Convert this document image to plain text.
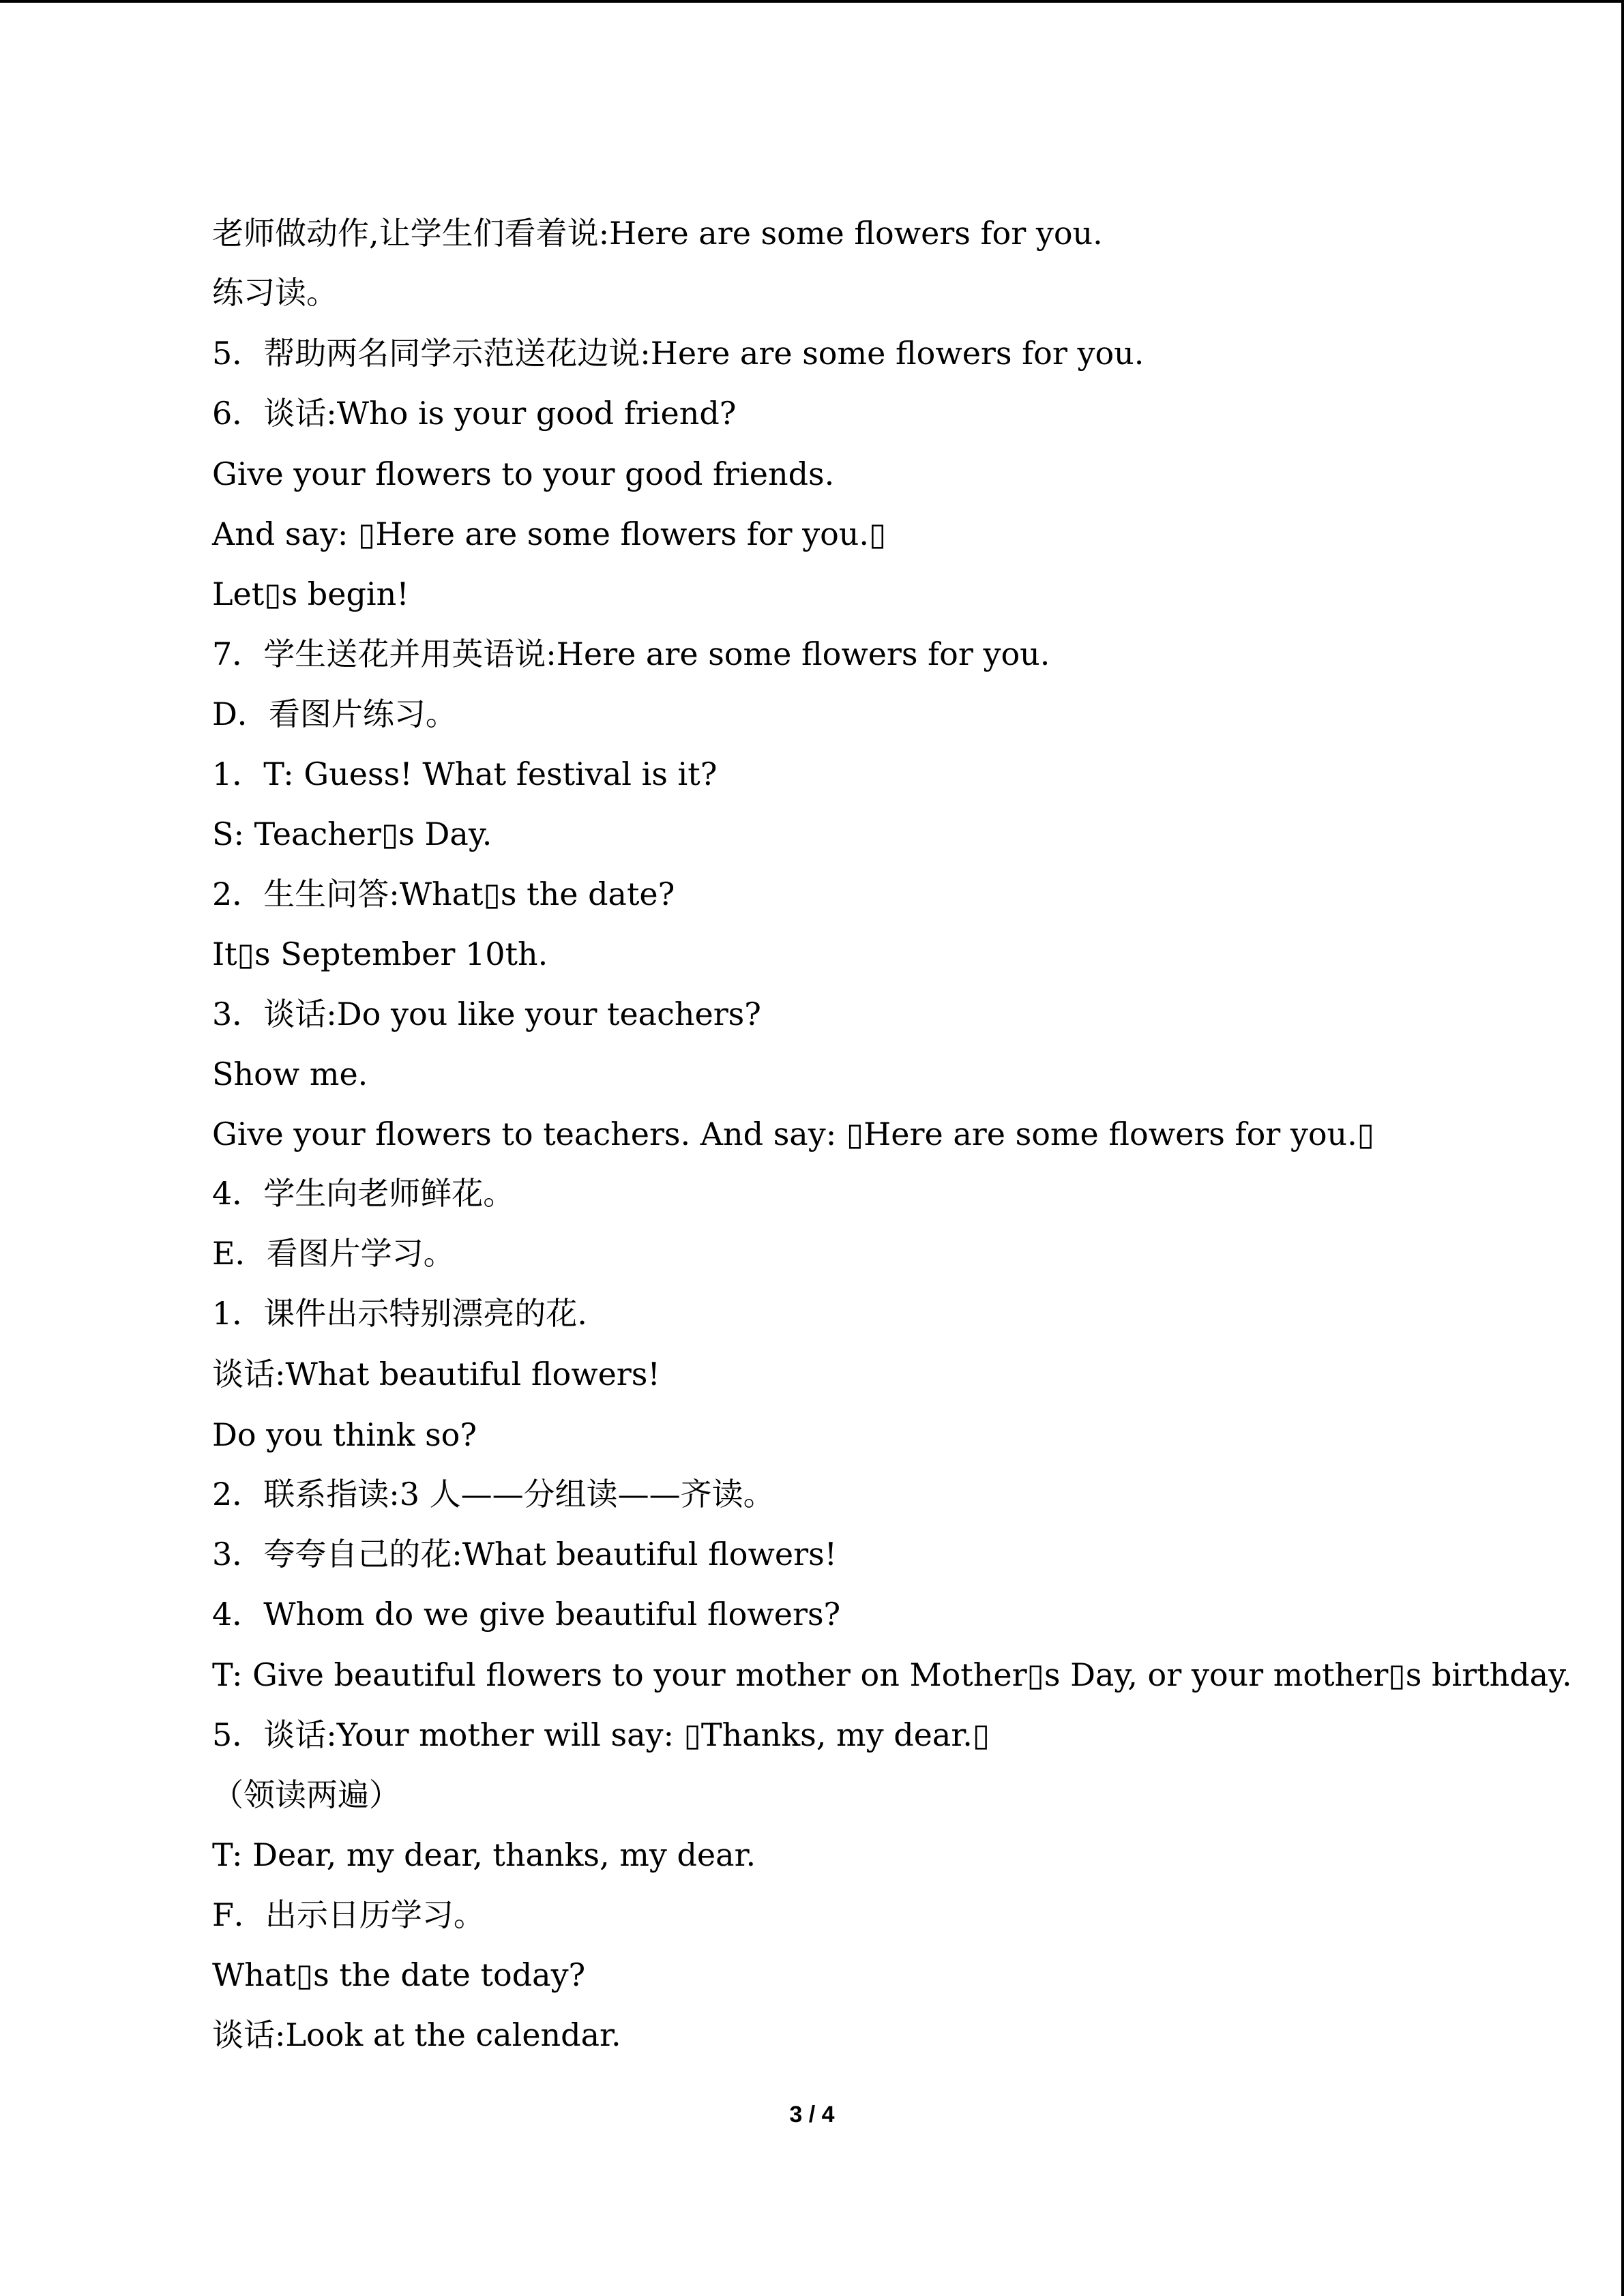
老师做动作,让学生们看着说:Here are some flowers for you.
练习读。
5．帮助两名同学示范送花边说:Here are some flowers for you.
6．谈话:Who is your good friend?
Give your flowers to your good friends.
And say: ▯Here are some flowers for you.▯
Let▯s begin!
7．学生送花并用英语说:Here are some flowers for you.
D．看图片练习。
1．T: Guess! What festival is it?
S: Teacher▯s Day.
2．生生问答:What▯s the date?
It▯s September 10th.
3．谈话:Do you like your teachers?
Show me.
Give your flowers to teachers. And say: ▯Here are some flowers for you.▯
4．学生向老师鲜花。
E．看图片学习。
1．课件出示特别漂亮的花.
谈话:What beautiful flowers!
Do you think so?
2．联系指读:3 人——分组读——齐读。
3．夸夸自己的花:What beautiful flowers!
4．Whom do we give beautiful flowers?
T: Give beautiful flowers to your mother on Mother▯s Day, or your mother▯s birthday.
5．谈话:Your mother will say: ▯Thanks, my dear.▯
（领读两遍）
T: Dear, my dear, thanks, my dear.
F．出示日历学习。
What▯s the date today?
谈话:Look at the calendar.
3 / 4
